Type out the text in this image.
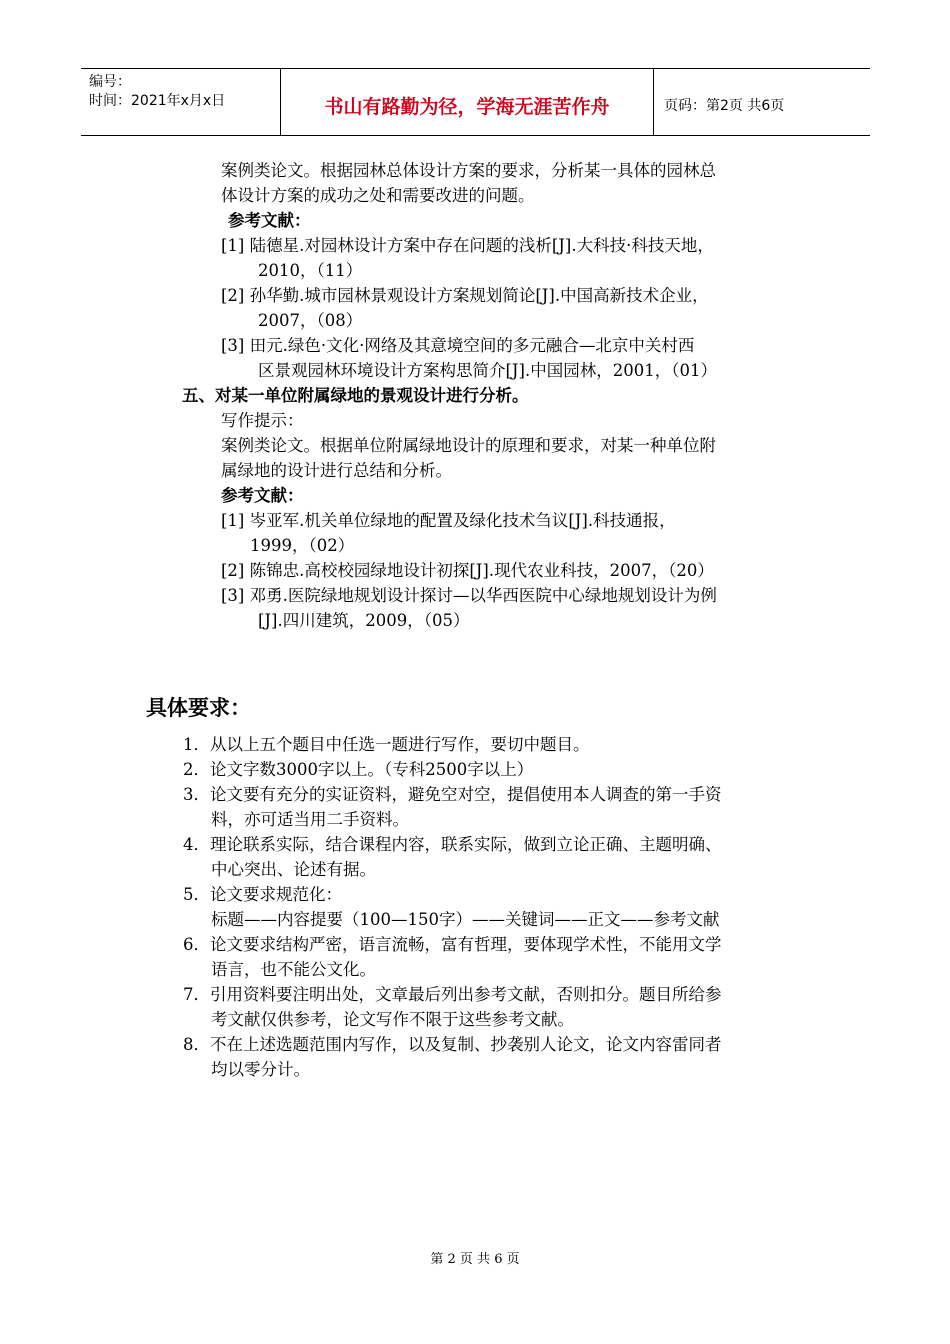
编号：
时间：2021年x月x日	书山有路勤为径，学海无涯苦作舟	页码：第2页 共6页
案例类论文。根据园林总体设计方案的要求，分析某一具体的园林总
体设计方案的成功之处和需要改进的问题。
参考文献：
[1] 陆德星.对园林设计方案中存在问题的浅析[J].大科技·科技天地，
2010，（11）
[2] 孙华勤.城市园林景观设计方案规划简论[J].中国高新技术企业，
2007，（08）
[3] 田元.绿色·文化·网络及其意境空间的多元融合—北京中关村西
区景观园林环境设计方案构思简介[J].中国园林，2001，（01）
五、对某一单位附属绿地的景观设计进行分析。
写作提示：
案例类论文。根据单位附属绿地设计的原理和要求，对某一种单位附
属绿地的设计进行总结和分析。
参考文献：
[1] 岑亚军.机关单位绿地的配置及绿化技术刍议[J].科技通报，
1999，（02）
[2] 陈锦忠.高校校园绿地设计初探[J].现代农业科技，2007，（20）
[3] 邓勇.医院绿地规划设计探讨—以华西医院中心绿地规划设计为例
[J].四川建筑，2009，（05）
具体要求：
1．从以上五个题目中任选一题进行写作，要切中题目。
2．论文字数3000字以上。（专科2500字以上）
3．论文要有充分的实证资料，避免空对空，提倡使用本人调查的第一手资
料，亦可适当用二手资料。
4．理论联系实际，结合课程内容，联系实际，做到立论正确、主题明确、
中心突出、论述有据。
5．论文要求规范化：
标题——内容提要（100—150字）——关键词——正文——参考文献
6．论文要求结构严密，语言流畅，富有哲理，要体现学术性，不能用文学
语言，也不能公文化。
7．引用资料要注明出处，文章最后列出参考文献，否则扣分。题目所给参
考文献仅供参考，论文写作不限于这些参考文献。
8．不在上述选题范围内写作，以及复制、抄袭别人论文，论文内容雷同者
均以零分计。
第 2 页 共 6 页
